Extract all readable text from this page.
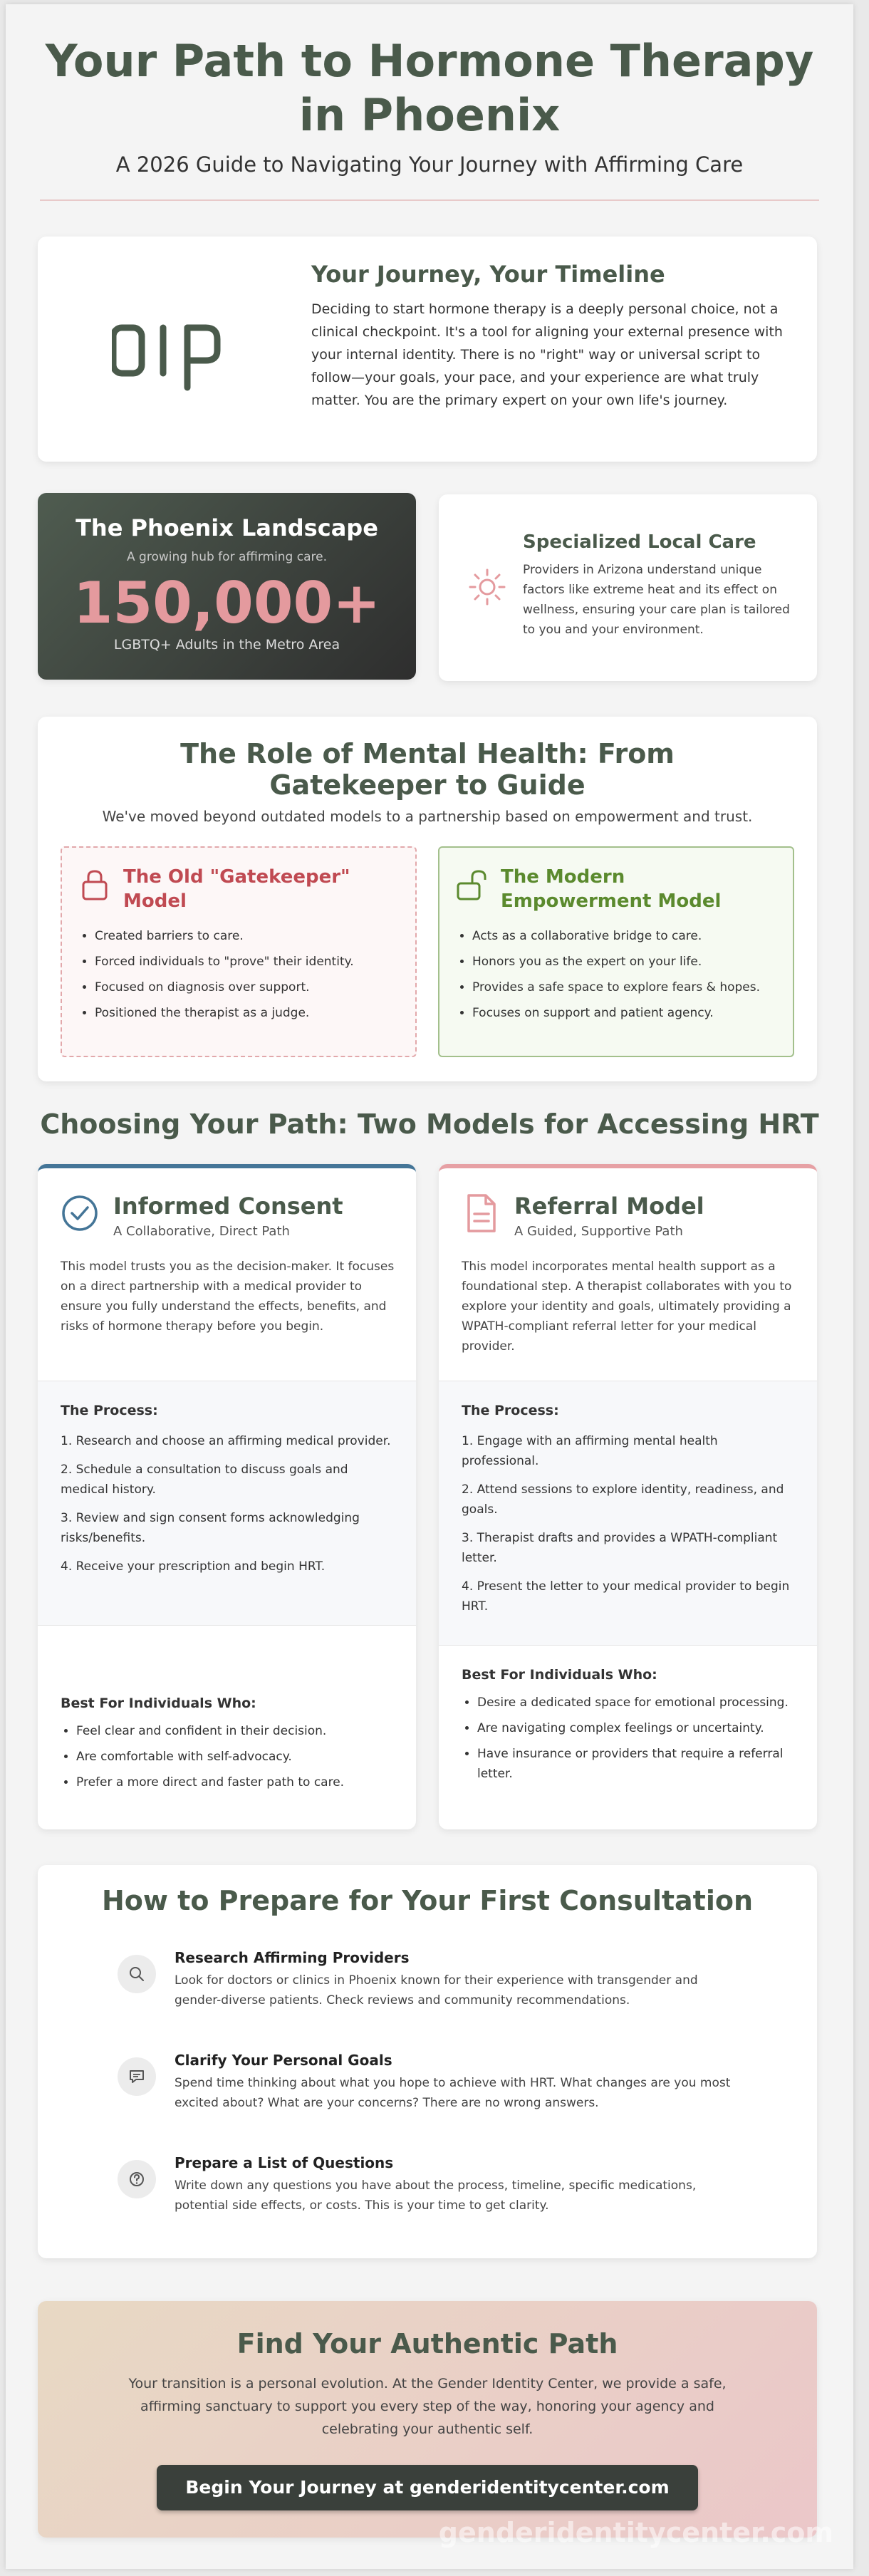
Your Path to Hormone Therapy in Phoenix
A 2026 Guide to Navigating Your Journey with Affirming Care
Your Journey, Your Timeline

Deciding to start hormone therapy is a deeply personal choice, not a clinical checkpoint. It's a tool for aligning your external presence with your internal identity. There is no "right" way or universal script to follow—your goals, your pace, and your experience are what truly matter. You are the primary expert on your own life's journey.

The Phoenix Landscape
A growing hub for affirming care.
150,000+
LGBTQ+ Adults in the Metro Area
Specialized Local Care

Providers in Arizona understand unique factors like extreme heat and its effect on wellness, ensuring your care plan is tailored to you and your environment.

The Role of Mental Health: From Gatekeeper to Guide
We've moved beyond outdated models to a partnership based on empowerment and trust.
The Old "Gatekeeper" Model
• Created barriers to care.
• Forced individuals to "prove" their identity.
• Focused on diagnosis over support.
• Positioned the therapist as a judge.
The Modern Empowerment Model
• Acts as a collaborative bridge to care.
• Honors you as the expert on your life.
• Provides a safe space to explore fears & hopes.
• Focuses on support and patient agency.
Choosing Your Path: Two Models for Accessing HRT
Informed Consent
A Collaborative, Direct Path

This model trusts you as the decision-maker. It focuses on a direct partnership with a medical provider to ensure you fully understand the effects, benefits, and risks of hormone therapy before you begin.

The Process:
1. Research and choose an affirming medical provider.
2. Schedule a consultation to discuss goals and medical history.
3. Review and sign consent forms acknowledging risks/benefits.
4. Receive your prescription and begin HRT.
Best For Individuals Who:
• Feel clear and confident in their decision.
• Are comfortable with self-advocacy.
• Prefer a more direct and faster path to care.
Referral Model
A Guided, Supportive Path

This model incorporates mental health support as a foundational step. A therapist collaborates with you to explore your identity and goals, ultimately providing a WPATH-compliant referral letter for your medical provider.

The Process:
1. Engage with an affirming mental health professional.
2. Attend sessions to explore identity, readiness, and goals.
3. Therapist drafts and provides a WPATH-compliant letter.
4. Present the letter to your medical provider to begin HRT.
Best For Individuals Who:
• Desire a dedicated space for emotional processing.
• Are navigating complex feelings or uncertainty.
• Have insurance or providers that require a referral letter.
How to Prepare for Your First Consultation
Research Affirming Providers

Look for doctors or clinics in Phoenix known for their experience with transgender and gender-diverse patients. Check reviews and community recommendations.

Clarify Your Personal Goals

Spend time thinking about what you hope to achieve with HRT. What changes are you most excited about? What are your concerns? There are no wrong answers.

Prepare a List of Questions

Write down any questions you have about the process, timeline, specific medications, potential side effects, or costs. This is your time to get clarity.

Find Your Authentic Path

Your transition is a personal evolution. At the Gender Identity Center, we provide a safe, affirming sanctuary to support you every step of the way, honoring your agency and celebrating your authentic self.

Begin Your Journey at genderidentitycenter.com
genderidentitycenter.com
